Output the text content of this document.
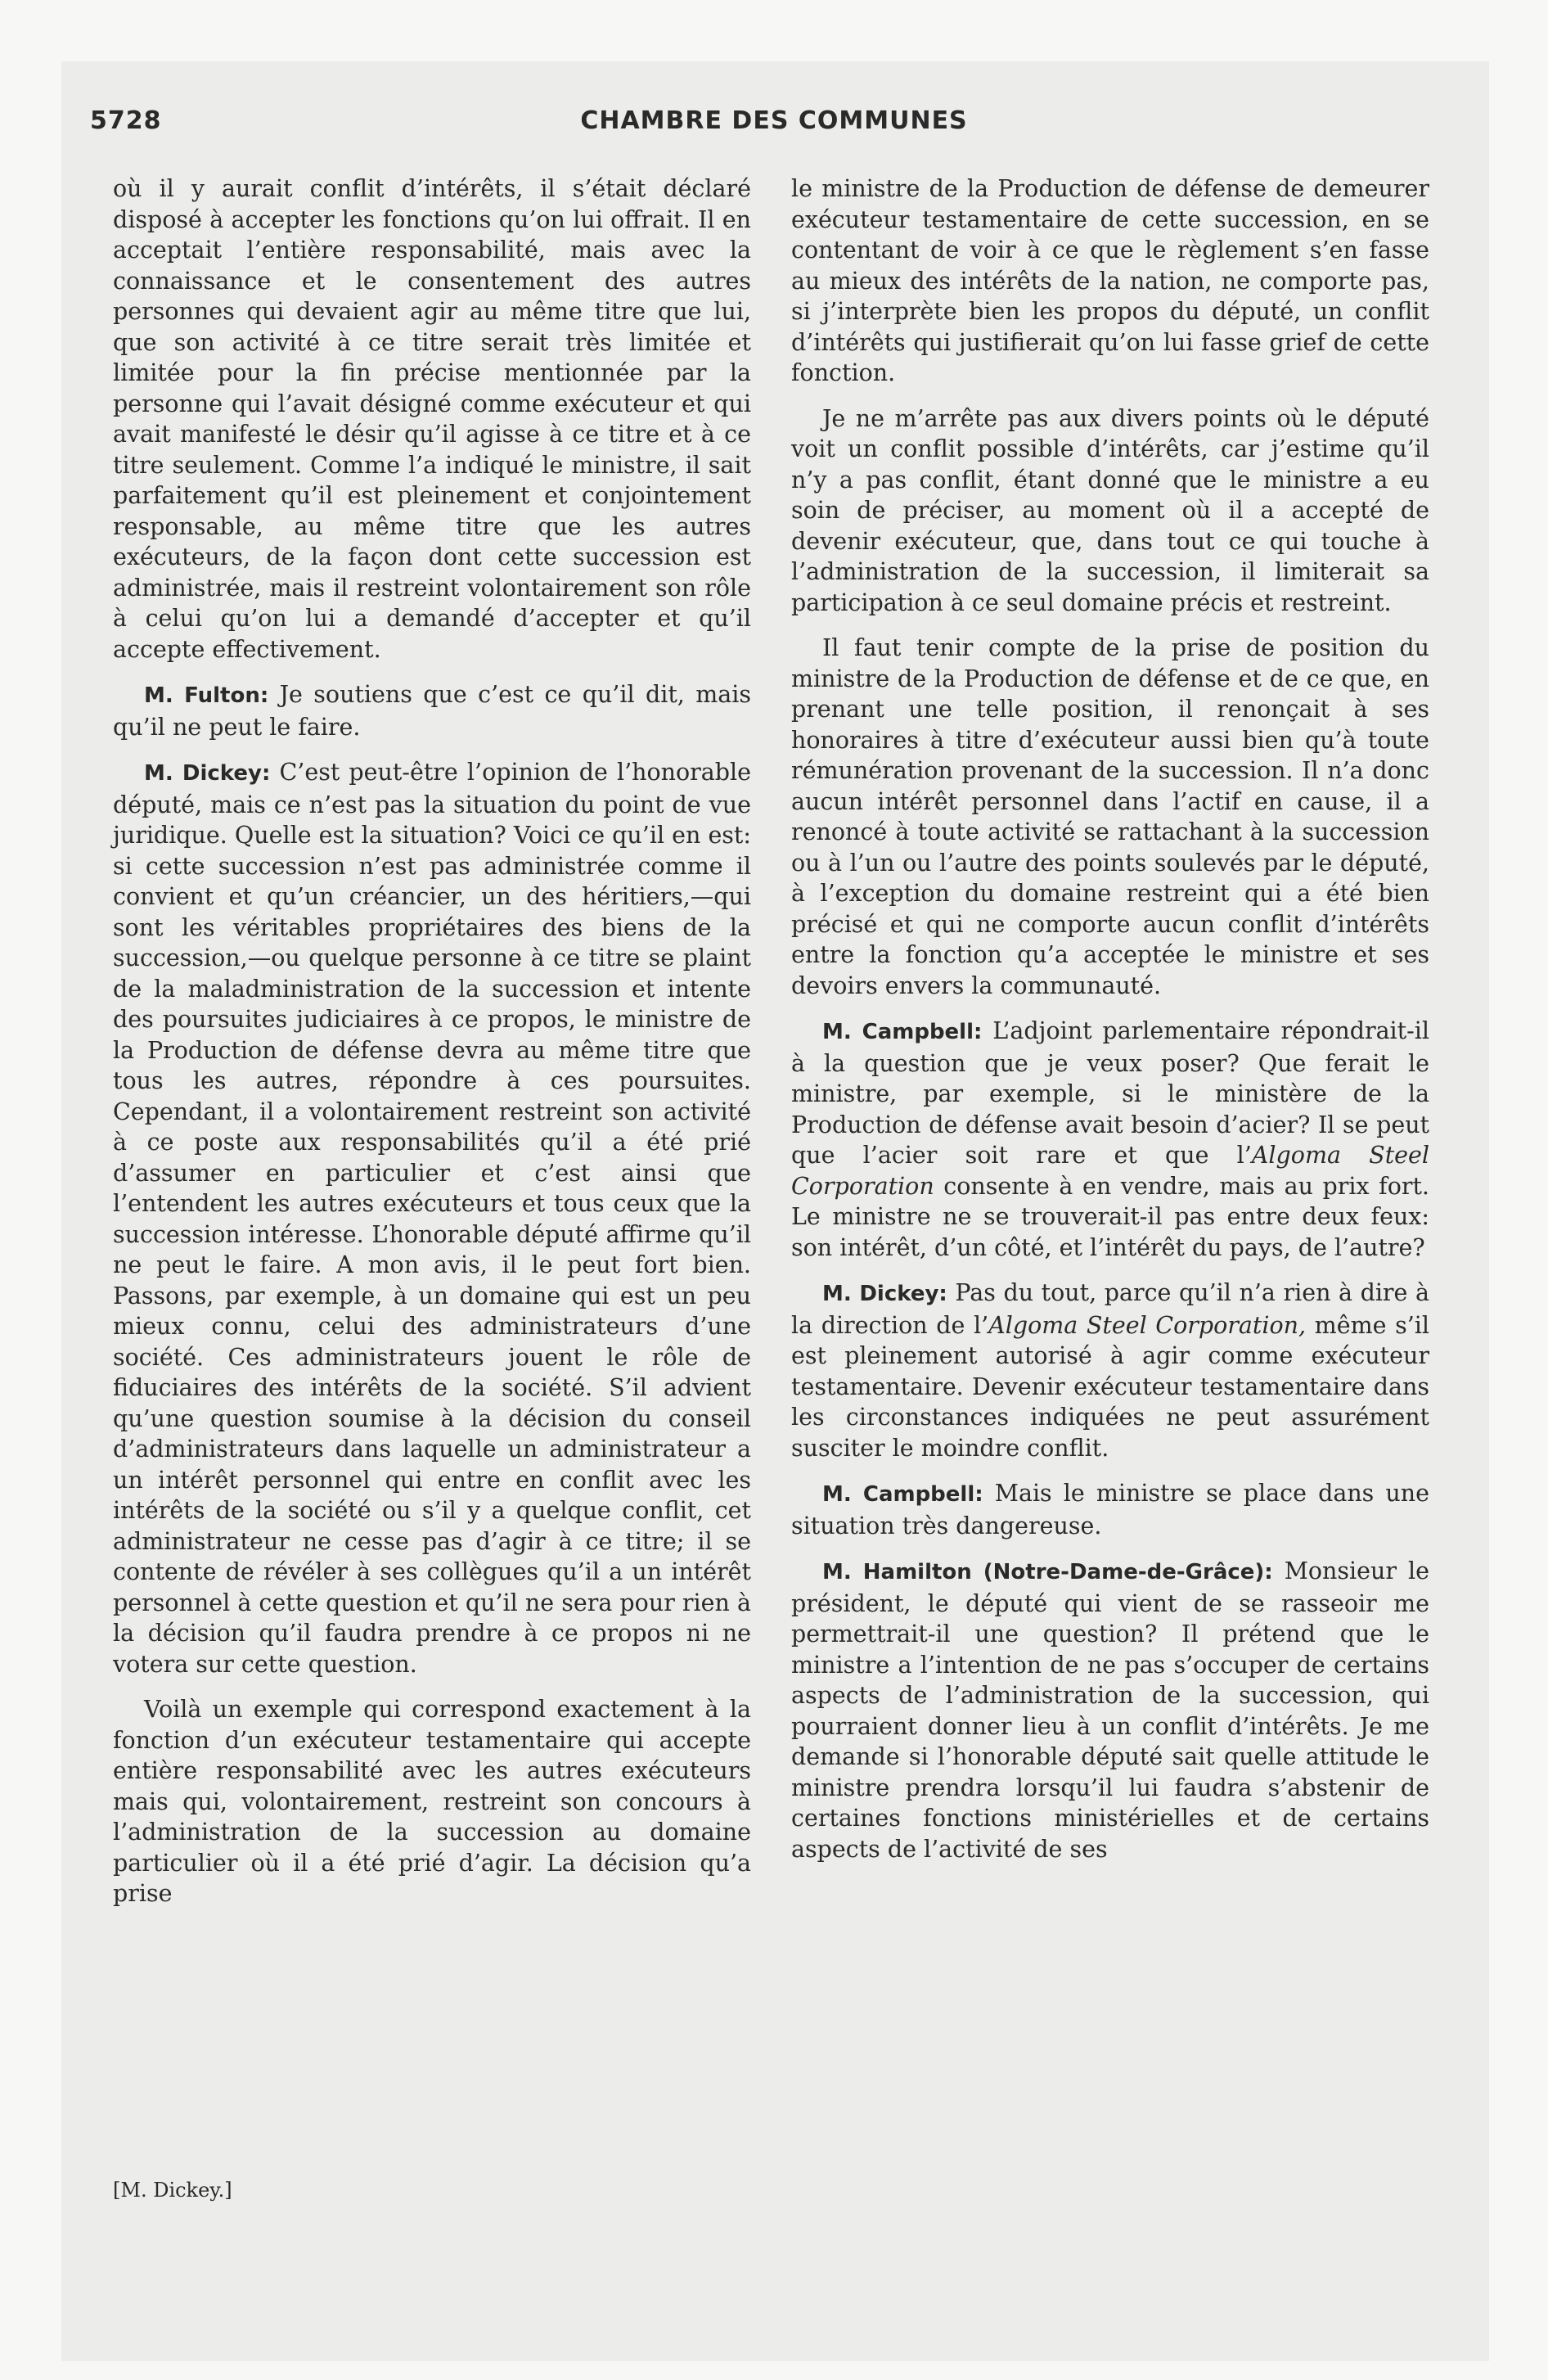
5728	CHAMBRE DES COMMUNES

où il y aurait conflit d’intérêts, il s’était déclaré disposé à accepter les fonctions qu’on lui offrait. Il en acceptait l’entière responsabilité, mais avec la connaissance et le consentement des autres personnes qui devaient agir au même titre que lui, que son activité à ce titre serait très limitée et limitée pour la fin précise mentionnée par la personne qui l’avait désigné comme exécuteur et qui avait manifesté le désir qu’il agisse à ce titre et à ce titre seulement. Comme l’a indiqué le ministre, il sait parfaitement qu’il est pleinement et conjointement responsable, au même titre que les autres exécuteurs, de la façon dont cette succession est administrée, mais il restreint volontairement son rôle à celui qu’on lui a demandé d’accepter et qu’il accepte effectivement.

M. Fulton: Je soutiens que c’est ce qu’il dit, mais qu’il ne peut le faire.

M. Dickey: C’est peut-être l’opinion de l’honorable député, mais ce n’est pas la situation du point de vue juridique. Quelle est la situation? Voici ce qu’il en est: si cette succession n’est pas administrée comme il convient et qu’un créancier, un des héritiers,—qui sont les véritables propriétaires des biens de la succession,—ou quelque personne à ce titre se plaint de la maladministration de la succession et intente des poursuites judiciaires à ce propos, le ministre de la Production de défense devra au même titre que tous les autres, répondre à ces poursuites. Cependant, il a volontairement restreint son activité à ce poste aux responsabilités qu’il a été prié d’assumer en particulier et c’est ainsi que l’entendent les autres exécuteurs et tous ceux que la succession intéresse. L’honorable député affirme qu’il ne peut le faire. A mon avis, il le peut fort bien. Passons, par exemple, à un domaine qui est un peu mieux connu, celui des administrateurs d’une société. Ces administrateurs jouent le rôle de fiduciaires des intérêts de la société. S’il advient qu’une question soumise à la décision du conseil d’administrateurs dans laquelle un administrateur a un intérêt personnel qui entre en conflit avec les intérêts de la société ou s’il y a quelque conflit, cet administrateur ne cesse pas d’agir à ce titre; il se contente de révéler à ses collègues qu’il a un intérêt personnel à cette question et qu’il ne sera pour rien à la décision qu’il faudra prendre à ce propos ni ne votera sur cette question.

Voilà un exemple qui correspond exactement à la fonction d’un exécuteur testamentaire qui accepte entière responsabilité avec les autres exécuteurs mais qui, volontairement, restreint son concours à l’administration de la succession au domaine particulier où il a été prié d’agir. La décision qu’a prise

le ministre de la Production de défense de demeurer exécuteur testamentaire de cette succession, en se contentant de voir à ce que le règlement s’en fasse au mieux des intérêts de la nation, ne comporte pas, si j’interprète bien les propos du député, un conflit d’intérêts qui justifierait qu’on lui fasse grief de cette fonction.

Je ne m’arrête pas aux divers points où le député voit un conflit possible d’intérêts, car j’estime qu’il n’y a pas conflit, étant donné que le ministre a eu soin de préciser, au moment où il a accepté de devenir exécuteur, que, dans tout ce qui touche à l’administration de la succession, il limiterait sa participation à ce seul domaine précis et restreint.

Il faut tenir compte de la prise de position du ministre de la Production de défense et de ce que, en prenant une telle position, il renonçait à ses honoraires à titre d’exécuteur aussi bien qu’à toute rémunération provenant de la succession. Il n’a donc aucun intérêt personnel dans l’actif en cause, il a renoncé à toute activité se rattachant à la succession ou à l’un ou l’autre des points soulevés par le député, à l’exception du domaine restreint qui a été bien précisé et qui ne comporte aucun conflit d’intérêts entre la fonction qu’a acceptée le ministre et ses devoirs envers la communauté.

M. Campbell: L’adjoint parlementaire répondrait-il à la question que je veux poser? Que ferait le ministre, par exemple, si le ministère de la Production de défense avait besoin d’acier? Il se peut que l’acier soit rare et que l’Algoma Steel Corporation consente à en vendre, mais au prix fort. Le ministre ne se trouverait-il pas entre deux feux: son intérêt, d’un côté, et l’intérêt du pays, de l’autre?

M. Dickey: Pas du tout, parce qu’il n’a rien à dire à la direction de l’Algoma Steel Corporation, même s’il est pleinement autorisé à agir comme exécuteur testamentaire. Devenir exécuteur testamentaire dans les circonstances indiquées ne peut assurément susciter le moindre conflit.

M. Campbell: Mais le ministre se place dans une situation très dangereuse.

M. Hamilton (Notre-Dame-de-Grâce): Monsieur le président, le député qui vient de se rasseoir me permettrait-il une question? Il prétend que le ministre a l’intention de ne pas s’occuper de certains aspects de l’administration de la succession, qui pourraient donner lieu à un conflit d’intérêts. Je me demande si l’honorable député sait quelle attitude le ministre prendra lorsqu’il lui faudra s’abstenir de certaines fonctions ministérielles et de certains aspects de l’activité de ses

[M. Dickey.]
